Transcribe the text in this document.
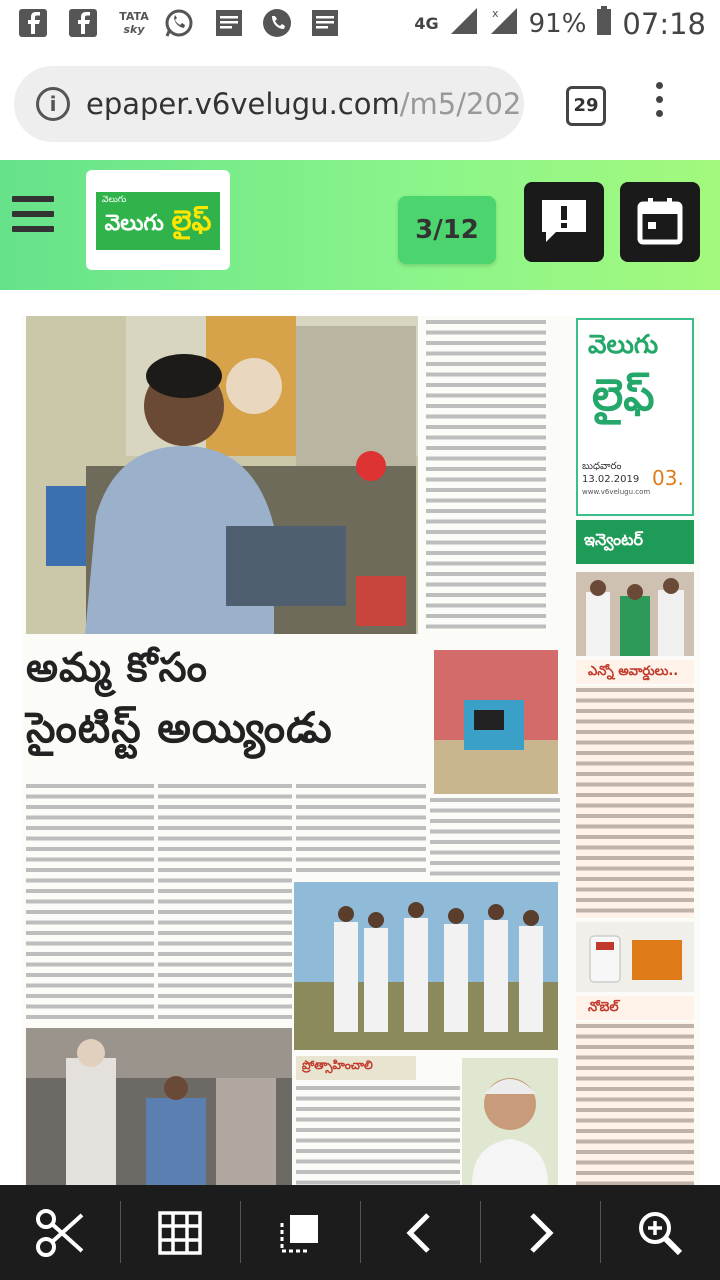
TATA
sky	4G
x 91% 07:18
i	epaper.v6velugu.com/m5/202	29
వెలుగు
వెలుగు లైఫ్	3/12
అమ్మ కోసం
సైంటిస్ట్ అయ్యిండు
ప్రోత్సాహించాలి
వెలుగు
లైఫ్
బుధవారం
13.02.2019
www.v6velugu.com
03.
ఇన్వెంటర్
ఎన్నో అవార్డులు..
నోబెల్
